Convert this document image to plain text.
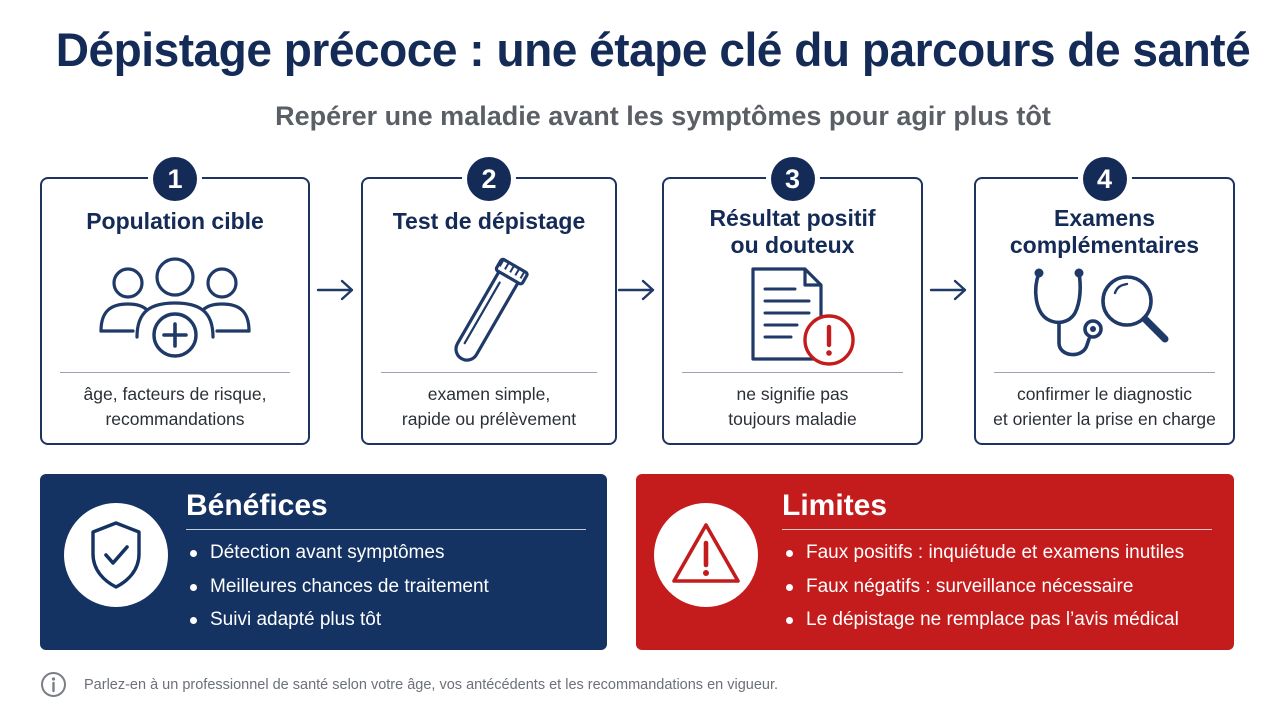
Dépistage précoce : une étape clé du parcours de santé
Repérer une maladie avant les symptômes pour agir plus tôt
1
Population cible
âge, facteurs de risque,
recommandations
2
Test de dépistage
examen simple,
rapide ou prélèvement
3
Résultat positif
ou douteux
ne signifie pas
toujours maladie
4
Examens
complémentaires
confirmer le diagnostic
et orienter la prise en charge
Bénéfices
Détection avant symptômes
Meilleures chances de traitement
Suivi adapté plus tôt
Limites
Faux positifs : inquiétude et examens inutiles
Faux négatifs : surveillance nécessaire
Le dépistage ne remplace pas l’avis médical
Parlez-en à un professionnel de santé selon votre âge, vos antécédents et les recommandations en vigueur.
